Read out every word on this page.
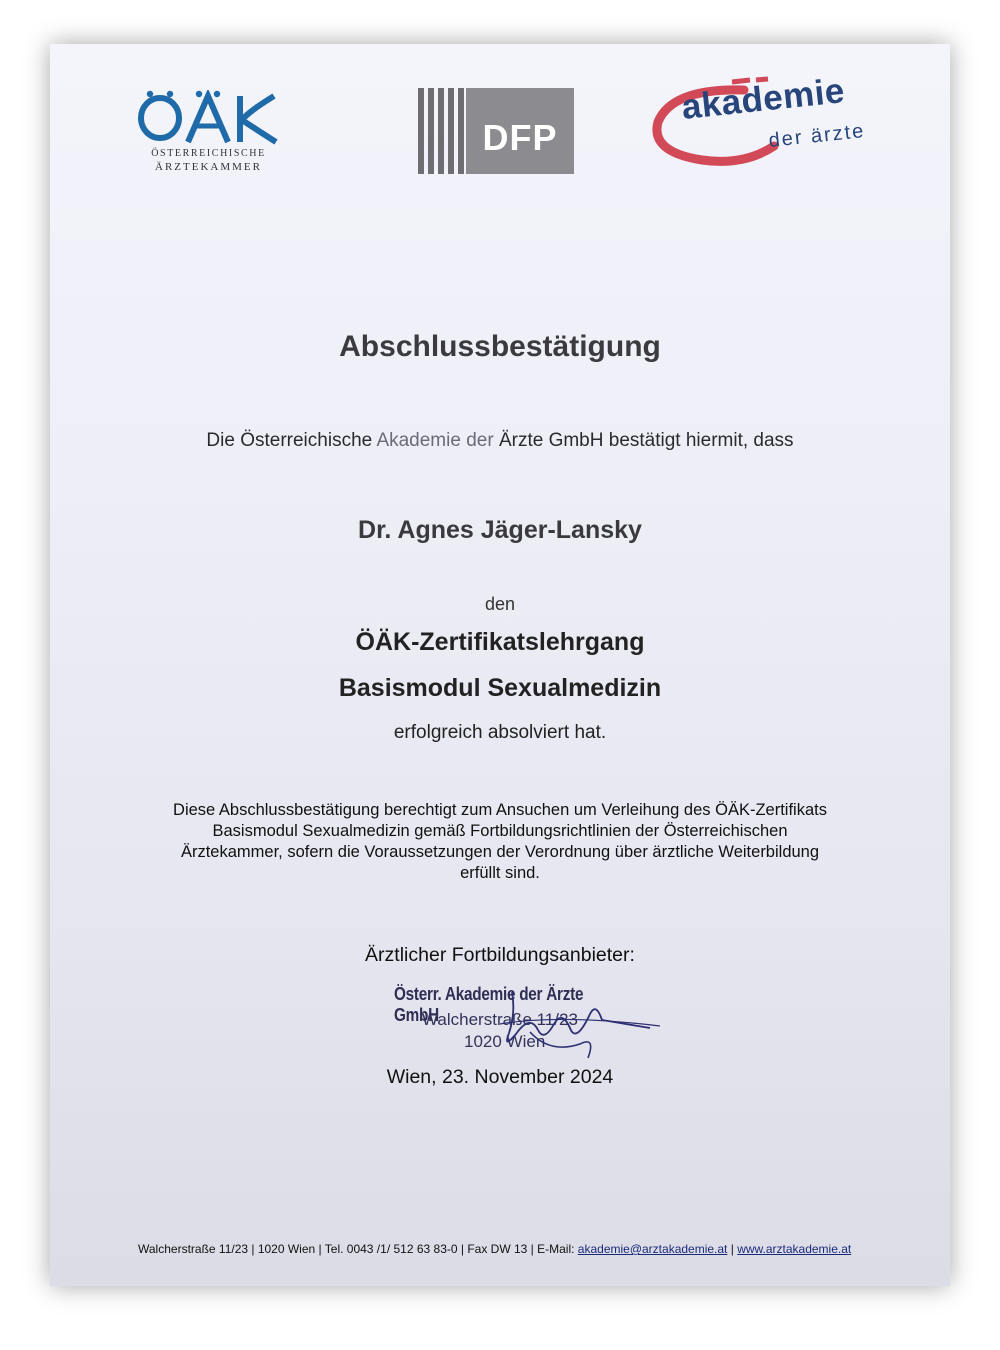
ÖSTERREICHISCHE
ÄRZTEKAMMER
DFP
akademie
der ärzte
Abschlussbestätigung
Die Österreichische Akademie der Ärzte GmbH bestätigt hiermit, dass
Dr. Agnes Jäger-Lansky
den
ÖÄK-Zertifikatslehrgang
Basismodul Sexualmedizin
erfolgreich absolviert hat.
Diese Abschlussbestätigung berechtigt zum Ansuchen um Verleihung des ÖÄK-Zertifikats
Basismodul Sexualmedizin gemäß Fortbildungsrichtlinien der Österreichischen
Ärztekammer, sofern die Voraussetzungen der Verordnung über ärztliche Weiterbildung
erfüllt sind.
Ärztlicher Fortbildungsanbieter:
Österr. Akademie der Ärzte GmbH
Walcherstraße 11/23
1020 Wien
Wien, 23. November 2024
Walcherstraße 11/23 | 1020 Wien | Tel. 0043 /1/ 512 63 83-0 | Fax DW 13 | E-Mail: akademie@arztakademie.at | www.arztakademie.at
